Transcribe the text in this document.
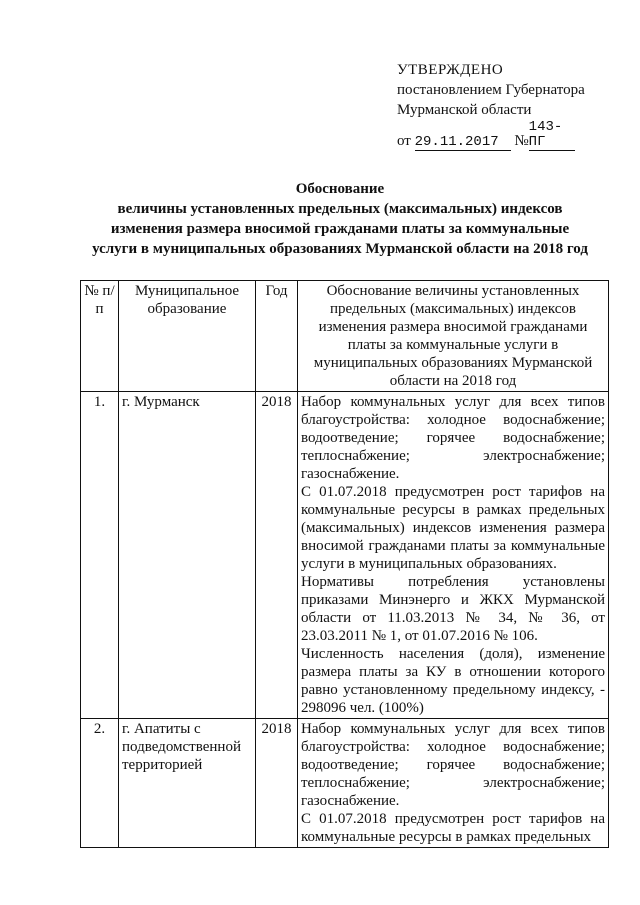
УТВЕРЖДЕНО
постановлением Губернатора
Мурманской области
от 29.11.2017 №143-ПГ
Обоснование
величины установленных предельных (максимальных) индексов
изменения размера вносимой гражданами платы за коммунальные
услуги в муниципальных образованиях Мурманской области на 2018 год
№ п/п	Муниципальное образование	Год	Обоснование величины установленных предельных (максимальных) индексов изменения размера вносимой гражданами платы за коммунальные услуги в муниципальных образованиях Мурманской области на 2018 год
1.	г. Мурманск	2018	Набор коммунальных услуг для всех типов благоустройства: холодное водоснабжение; водоотведение; горячее водоснабжение; теплоснабжение; электроснабжение; газоснабжение.

С 01.07.2018 предусмотрен рост тарифов на коммунальные ресурсы в рамках предельных (максимальных) индексов изменения размера вносимой гражданами платы за коммунальные услуги в муниципальных образованиях.

Нормативы потребления установлены приказами Минэнерго и ЖКХ Мурманской области от 11.03.2013 № 34, № 36, от 23.03.2011 № 1, от 01.07.2016 № 106.

Численность населения (доля), изменение размера платы за КУ в отношении которого равно установленному предельному индексу, - 298096 чел. (100%)

2.	г. Апатиты с подведомственной территорией	2018	Набор коммунальных услуг для всех типов благоустройства: холодное водоснабжение; водоотведение; горячее водоснабжение; теплоснабжение; электроснабжение; газоснабжение.

С 01.07.2018 предусмотрен рост тарифов на коммунальные ресурсы в рамках предельных
